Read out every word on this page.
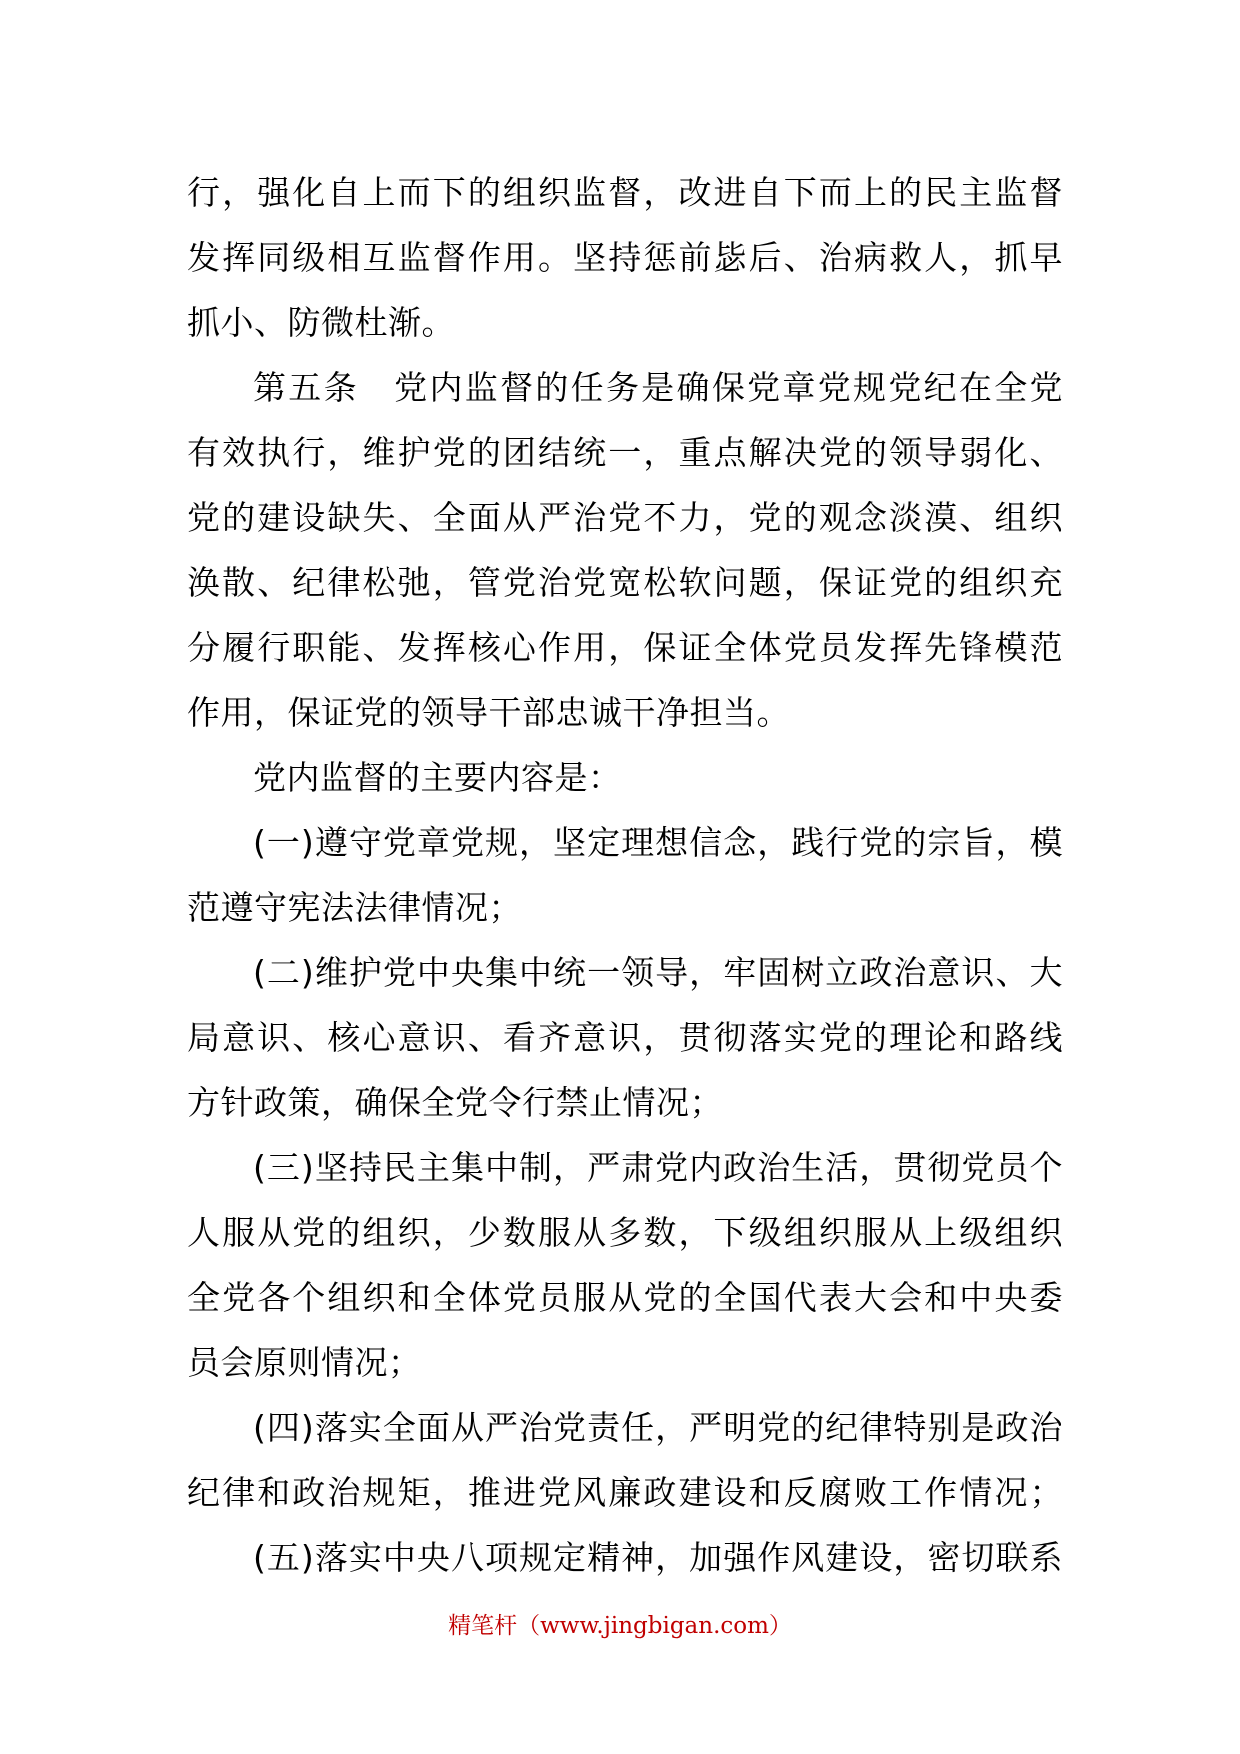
行，强化自上而下的组织监督，改进自下而上的民主监督
发挥同级相互监督作用。坚持惩前毖后、治病救人，抓早
抓小、防微杜渐。
第五条　党内监督的任务是确保党章党规党纪在全党
有效执行，维护党的团结统一，重点解决党的领导弱化、
党的建设缺失、全面从严治党不力，党的观念淡漠、组织
涣散、纪律松弛，管党治党宽松软问题，保证党的组织充
分履行职能、发挥核心作用，保证全体党员发挥先锋模范
作用，保证党的领导干部忠诚干净担当。
党内监督的主要内容是：
(一)遵守党章党规，坚定理想信念，践行党的宗旨，模
范遵守宪法法律情况；
(二)维护党中央集中统一领导，牢固树立政治意识、大
局意识、核心意识、看齐意识，贯彻落实党的理论和路线
方针政策，确保全党令行禁止情况；
(三)坚持民主集中制，严肃党内政治生活，贯彻党员个
人服从党的组织，少数服从多数，下级组织服从上级组织
全党各个组织和全体党员服从党的全国代表大会和中央委
员会原则情况；
(四)落实全面从严治党责任，严明党的纪律特别是政治
纪律和政治规矩，推进党风廉政建设和反腐败工作情况；
(五)落实中央八项规定精神，加强作风建设，密切联系
精笔杆（www.jingbigan.com）
